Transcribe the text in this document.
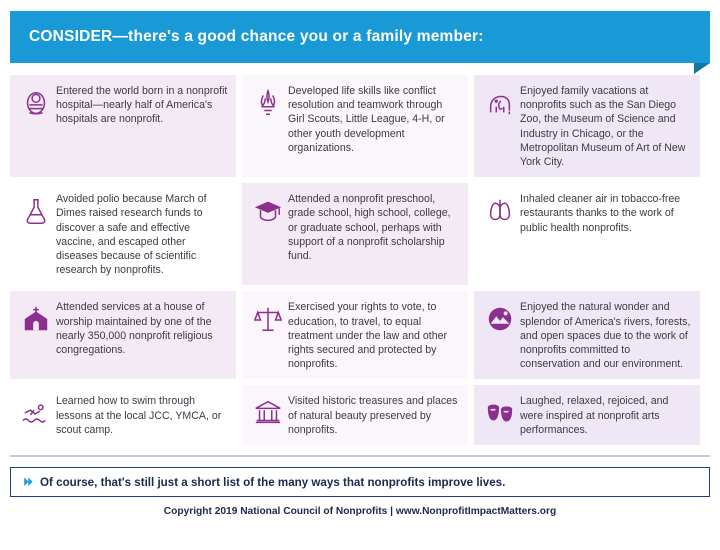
CONSIDER—there's a good chance you or a family member:
Entered the world born in a nonprofit hospital—nearly half of America's hospitals are nonprofit.
Developed life skills like conflict resolution and teamwork through Girl Scouts, Little League, 4-H, or other youth development organizations.
Enjoyed family vacations at nonprofits such as the San Diego Zoo, the Museum of Science and Industry in Chicago, or the Metropolitan Museum of Art of New York City.
Avoided polio because March of Dimes raised research funds to discover a safe and effective vaccine, and escaped other diseases because of scientific research by nonprofits.
Attended a nonprofit preschool, grade school, high school, college, or graduate school, perhaps with support of a nonprofit scholarship fund.
Inhaled cleaner air in tobacco-free restaurants thanks to the work of public health nonprofits.
Attended services at a house of worship maintained by one of the nearly 350,000 nonprofit religious congregations.
Exercised your rights to vote, to education, to travel, to equal treatment under the law and other rights secured and protected by nonprofits.
Enjoyed the natural wonder and splendor of America's rivers, forests, and open spaces due to the work of nonprofits committed to conservation and our environment.
Learned how to swim through lessons at the local JCC, YMCA, or scout camp.
Visited historic treasures and places of natural beauty preserved by nonprofits.
Laughed, relaxed, rejoiced, and were inspired at nonprofit arts performances.
⏵⏵ Of course, that's still just a short list of the many ways that nonprofits improve lives.
Copyright 2019 National Council of Nonprofits | www.NonprofitImpactMatters.org
